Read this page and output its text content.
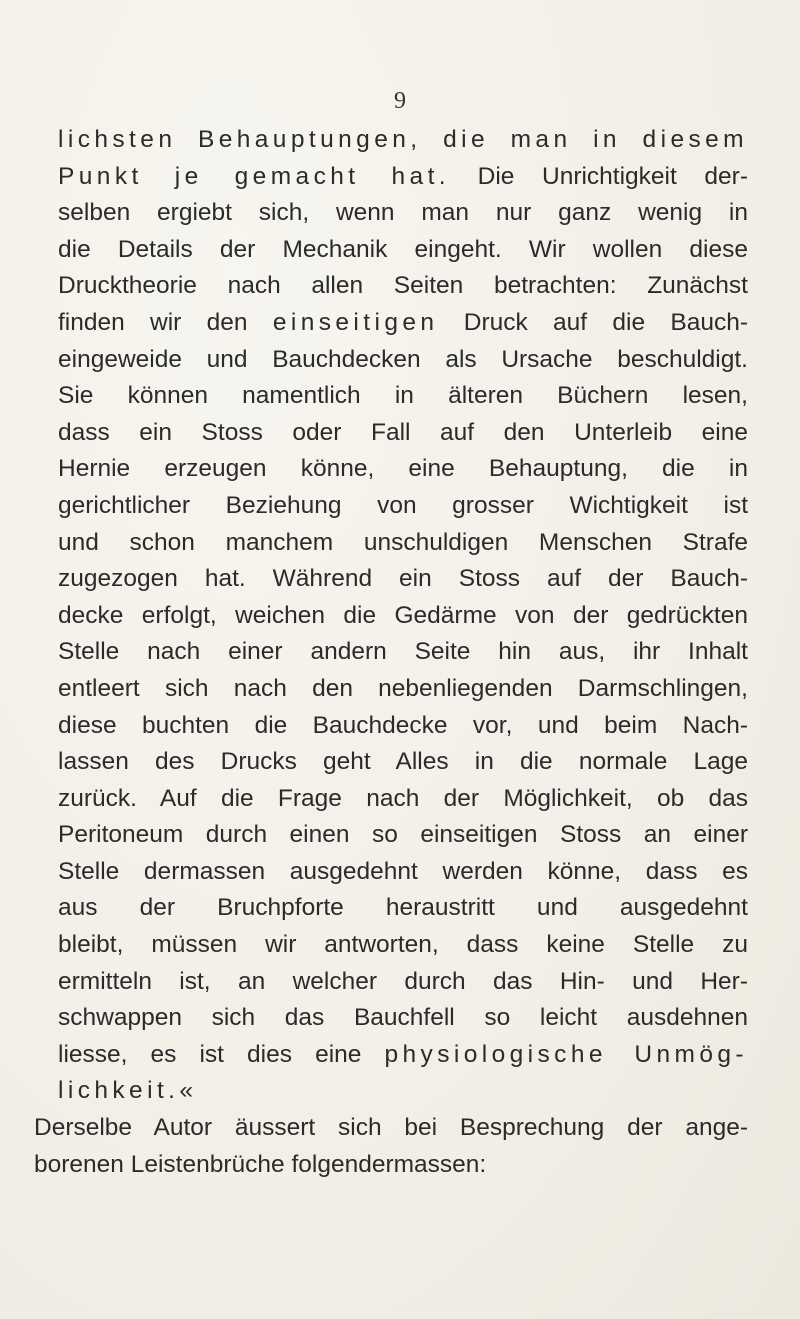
9
lichsten Behauptungen, die man in diesem
Punkt je gemacht hat. Die Unrichtigkeit der-
selben ergiebt sich, wenn man nur ganz wenig in
die Details der Mechanik eingeht. Wir wollen diese
Drucktheorie nach allen Seiten betrachten: Zunächst
finden wir den einseitigen Druck auf die Bauch-
eingeweide und Bauchdecken als Ursache beschuldigt.
Sie können namentlich in älteren Büchern lesen,
dass ein Stoss oder Fall auf den Unterleib eine
Hernie erzeugen könne, eine Behauptung, die in
gerichtlicher Beziehung von grosser Wichtigkeit ist
und schon manchem unschuldigen Menschen Strafe
zugezogen hat. Während ein Stoss auf der Bauch-
decke erfolgt, weichen die Gedärme von der gedrückten
Stelle nach einer andern Seite hin aus, ihr Inhalt
entleert sich nach den nebenliegenden Darmschlingen,
diese buchten die Bauchdecke vor, und beim Nach-
lassen des Drucks geht Alles in die normale Lage
zurück. Auf die Frage nach der Möglichkeit, ob das
Peritoneum durch einen so einseitigen Stoss an einer
Stelle dermassen ausgedehnt werden könne, dass es
aus der Bruchpforte heraustritt und ausgedehnt
bleibt, müssen wir antworten, dass keine Stelle zu
ermitteln ist, an welcher durch das Hin- und Her-
schwappen sich das Bauchfell so leicht ausdehnen
liesse, es ist dies eine physiologische Unmög-
lichkeit.«
Derselbe Autor äussert sich bei Besprechung der ange-
borenen Leistenbrüche folgendermassen:
